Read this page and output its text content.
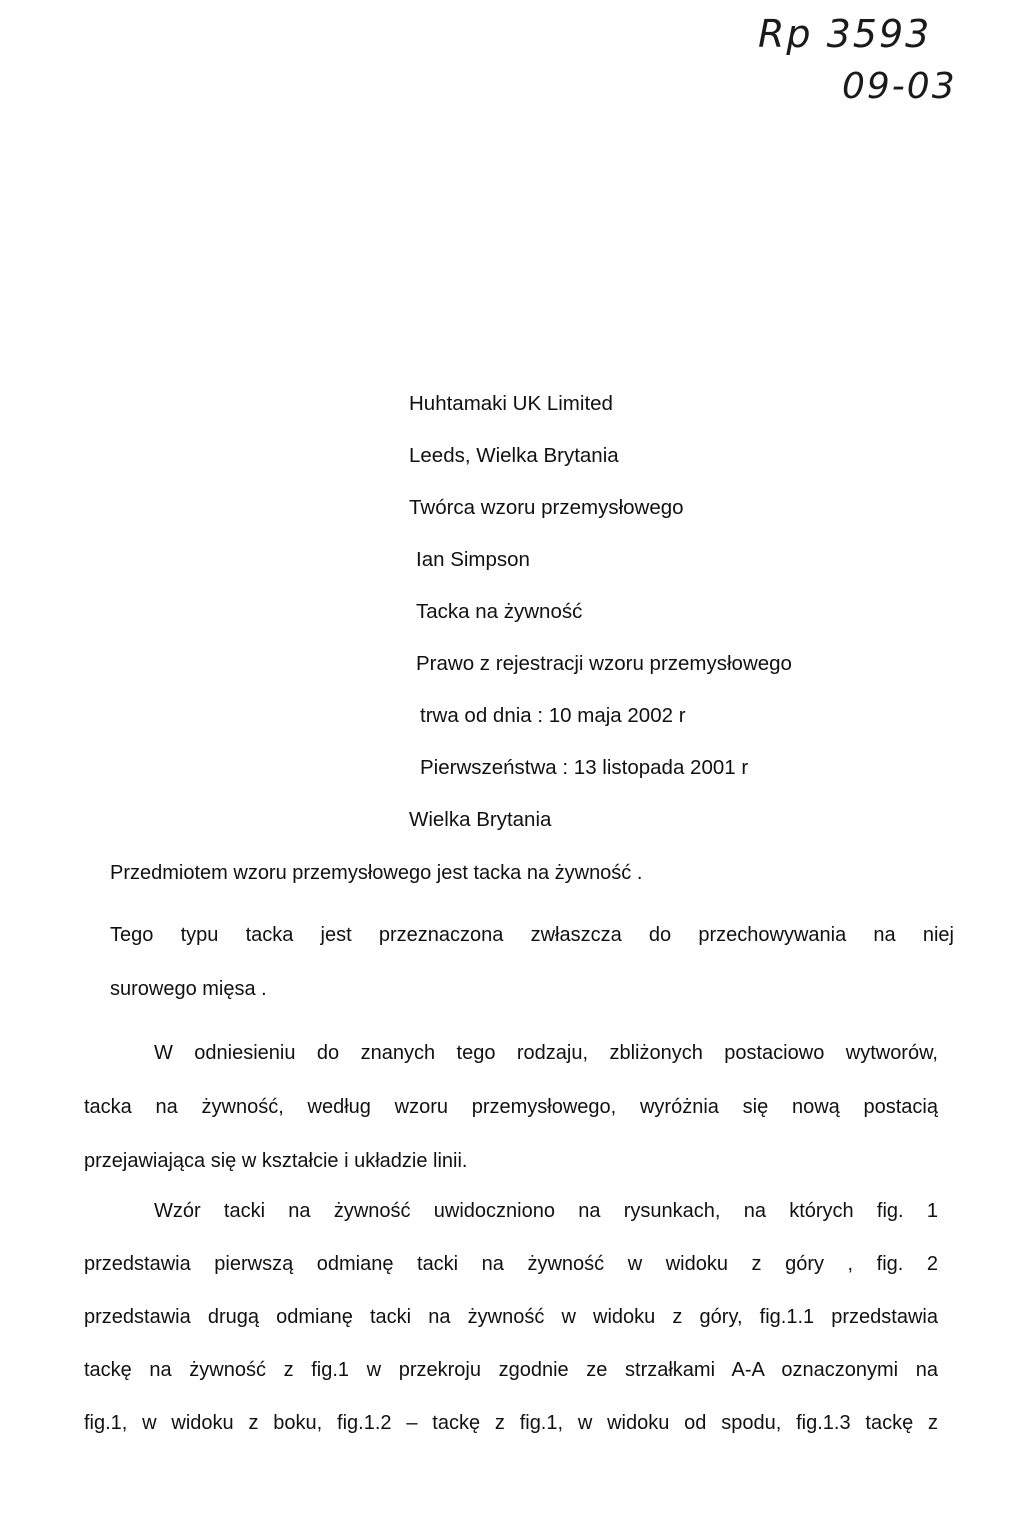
Rp 3593
09-03
Huhtamaki UK Limited
Leeds, Wielka Brytania
Twórca wzoru przemysłowego
Ian Simpson
Tacka na żywność
Prawo z rejestracji wzoru przemysłowego
trwa od dnia : 10 maja 2002 r
Pierwszeństwa : 13 listopada 2001 r
Wielka Brytania
Przedmiotem wzoru przemysłowego jest tacka na żywność .
Tego typu tacka jest przeznaczona zwłaszcza do przechowywania na niej
surowego mięsa .
W odniesieniu do znanych tego rodzaju, zbliżonych postaciowo wytworów,
tacka na żywność, według wzoru przemysłowego, wyróżnia się nową postacią
przejawiająca się w kształcie i układzie linii.
Wzór tacki na żywność uwidoczniono na rysunkach, na których fig. 1
przedstawia pierwszą odmianę tacki na żywność w widoku z góry , fig. 2
przedstawia drugą odmianę tacki na żywność w widoku z góry, fig.1.1 przedstawia
tackę na żywność z fig.1 w przekroju zgodnie ze strzałkami A-A oznaczonymi na
fig.1, w widoku z boku, fig.1.2 – tackę z fig.1, w widoku od spodu, fig.1.3 tackę z
